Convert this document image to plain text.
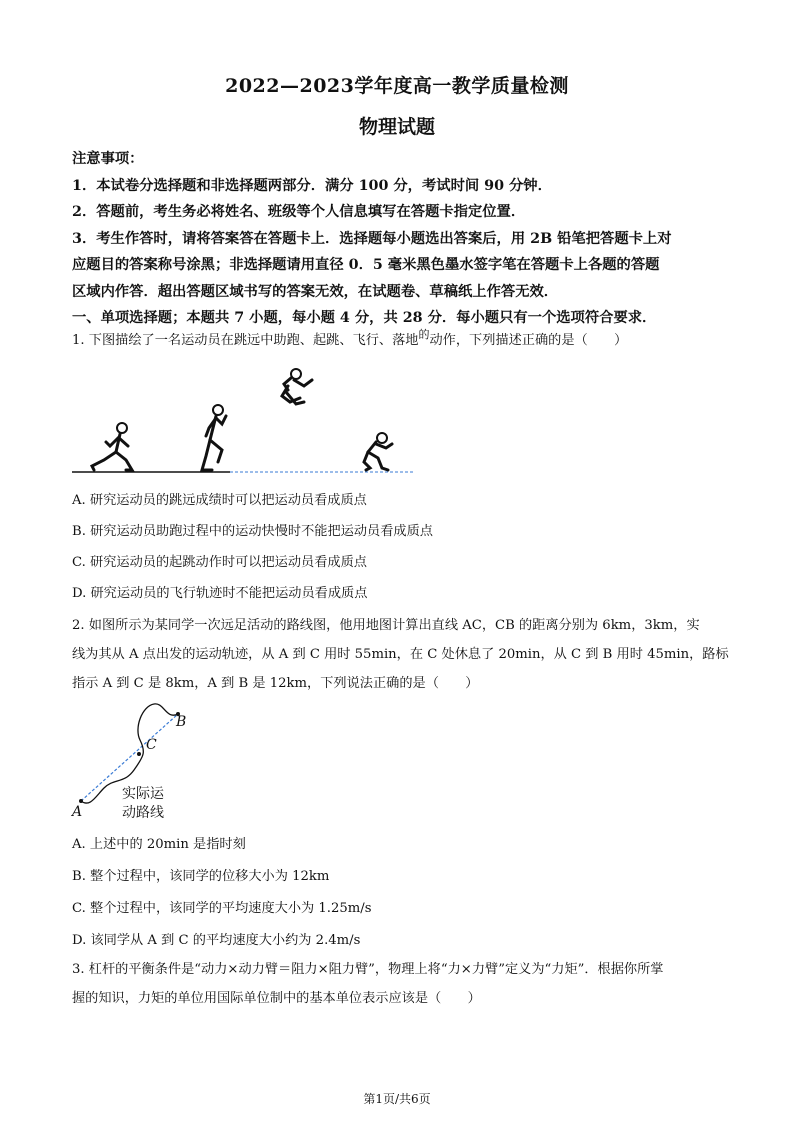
2022—2023学年度高一教学质量检测
物理试题
注意事项：
1．本试卷分选择题和非选择题两部分．满分 100 分，考试时间 90 分钟．
2．答题前，考生务必将姓名、班级等个人信息填写在答题卡指定位置．
3．考生作答时，请将答案答在答题卡上．选择题每小题选出答案后，用 2B 铅笔把答题卡上对
应题目的答案称号涂黑；非选择题请用直径 0．5 毫米黑色墨水签字笔在答题卡上各题的答题
区域内作答．超出答题区域书写的答案无效，在试题卷、草稿纸上作答无效．
一、单项选择题；本题共 7 小题，每小题 4 分，共 28 分．每小题只有一个选项符合要求．
1. 下图描绘了一名运动员在跳远中助跑、起跳、飞行、落地$^的$动作，下列描述正确的是（　　）
A. 研究运动员的跳远成绩时可以把运动员看成质点
B. 研究运动员助跑过程中的运动快慢时不能把运动员看成质点
C. 研究运动员的起跳动作时可以把运动员看成质点
D. 研究运动员的飞行轨迹时不能把运动员看成质点
2. 如图所示为某同学一次远足活动的路线图，他用地图计算出直线 AC，CB 的距离分别为 6km，3km，实
线为其从 A 点出发的运动轨迹，从 A 到 C 用时 55min，在 C 处休息了 20min，从 C 到 B 用时 45min，路标
指示 A 到 C 是 8km，A 到 B 是 12km，下列说法正确的是（　　）
A
B
C
实际运
动路线
A. 上述中的 20min 是指时刻
B. 整个过程中，该同学的位移大小为 12km
C. 整个过程中，该同学的平均速度大小为 1.25m/s
D. 该同学从 A 到 C 的平均速度大小约为 2.4m/s
3. 杠杆的平衡条件是“动力×动力臂＝阻力×阻力臂”，物理上将“力×力臂”定义为“力矩”．根据你所掌
握的知识，力矩的单位用国际单位制中的基本单位表示应该是（　　）
第1页/共6页
